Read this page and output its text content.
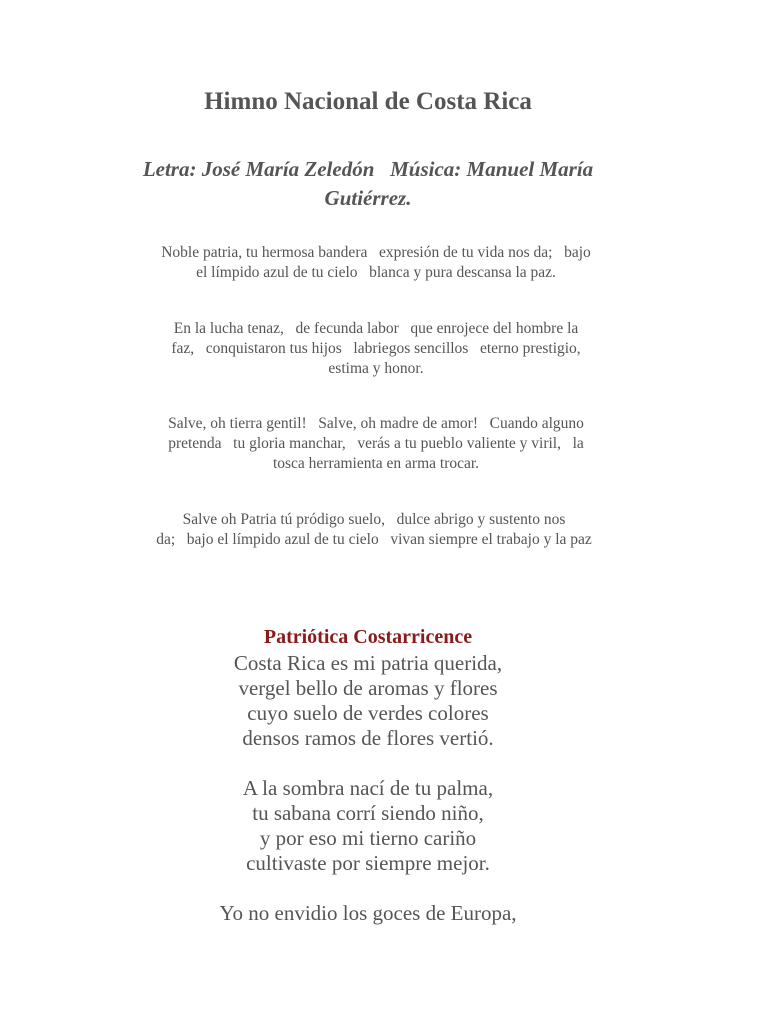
Himno Nacional de Costa Rica
Letra: José María Zeledón   Música: Manuel María
Gutiérrez.
Noble patria, tu hermosa bandera   expresión de tu vida nos da;   bajo
el límpido azul de tu cielo   blanca y pura descansa la paz.
En la lucha tenaz,   de fecunda labor   que enrojece del hombre la
faz,   conquistaron tus hijos   labriegos sencillos   eterno prestigio,
estima y honor.
Salve, oh tierra gentil!   Salve, oh madre de amor!   Cuando alguno
pretenda   tu gloria manchar,   verás a tu pueblo valiente y viril,   la
tosca herramienta en arma trocar.
Salve oh Patria tú pródigo suelo,   dulce abrigo y sustento nos
da;   bajo el límpido azul de tu cielo   vivan siempre el trabajo y la paz
Patriótica Costarricence
Costa Rica es mi patria querida,
vergel bello de aromas y flores
cuyo suelo de verdes colores
densos ramos de flores vertió.
A la sombra nací de tu palma,
tu sabana corrí siendo niño,
y por eso mi tierno cariño
cultivaste por siempre mejor.
Yo no envidio los goces de Europa,
